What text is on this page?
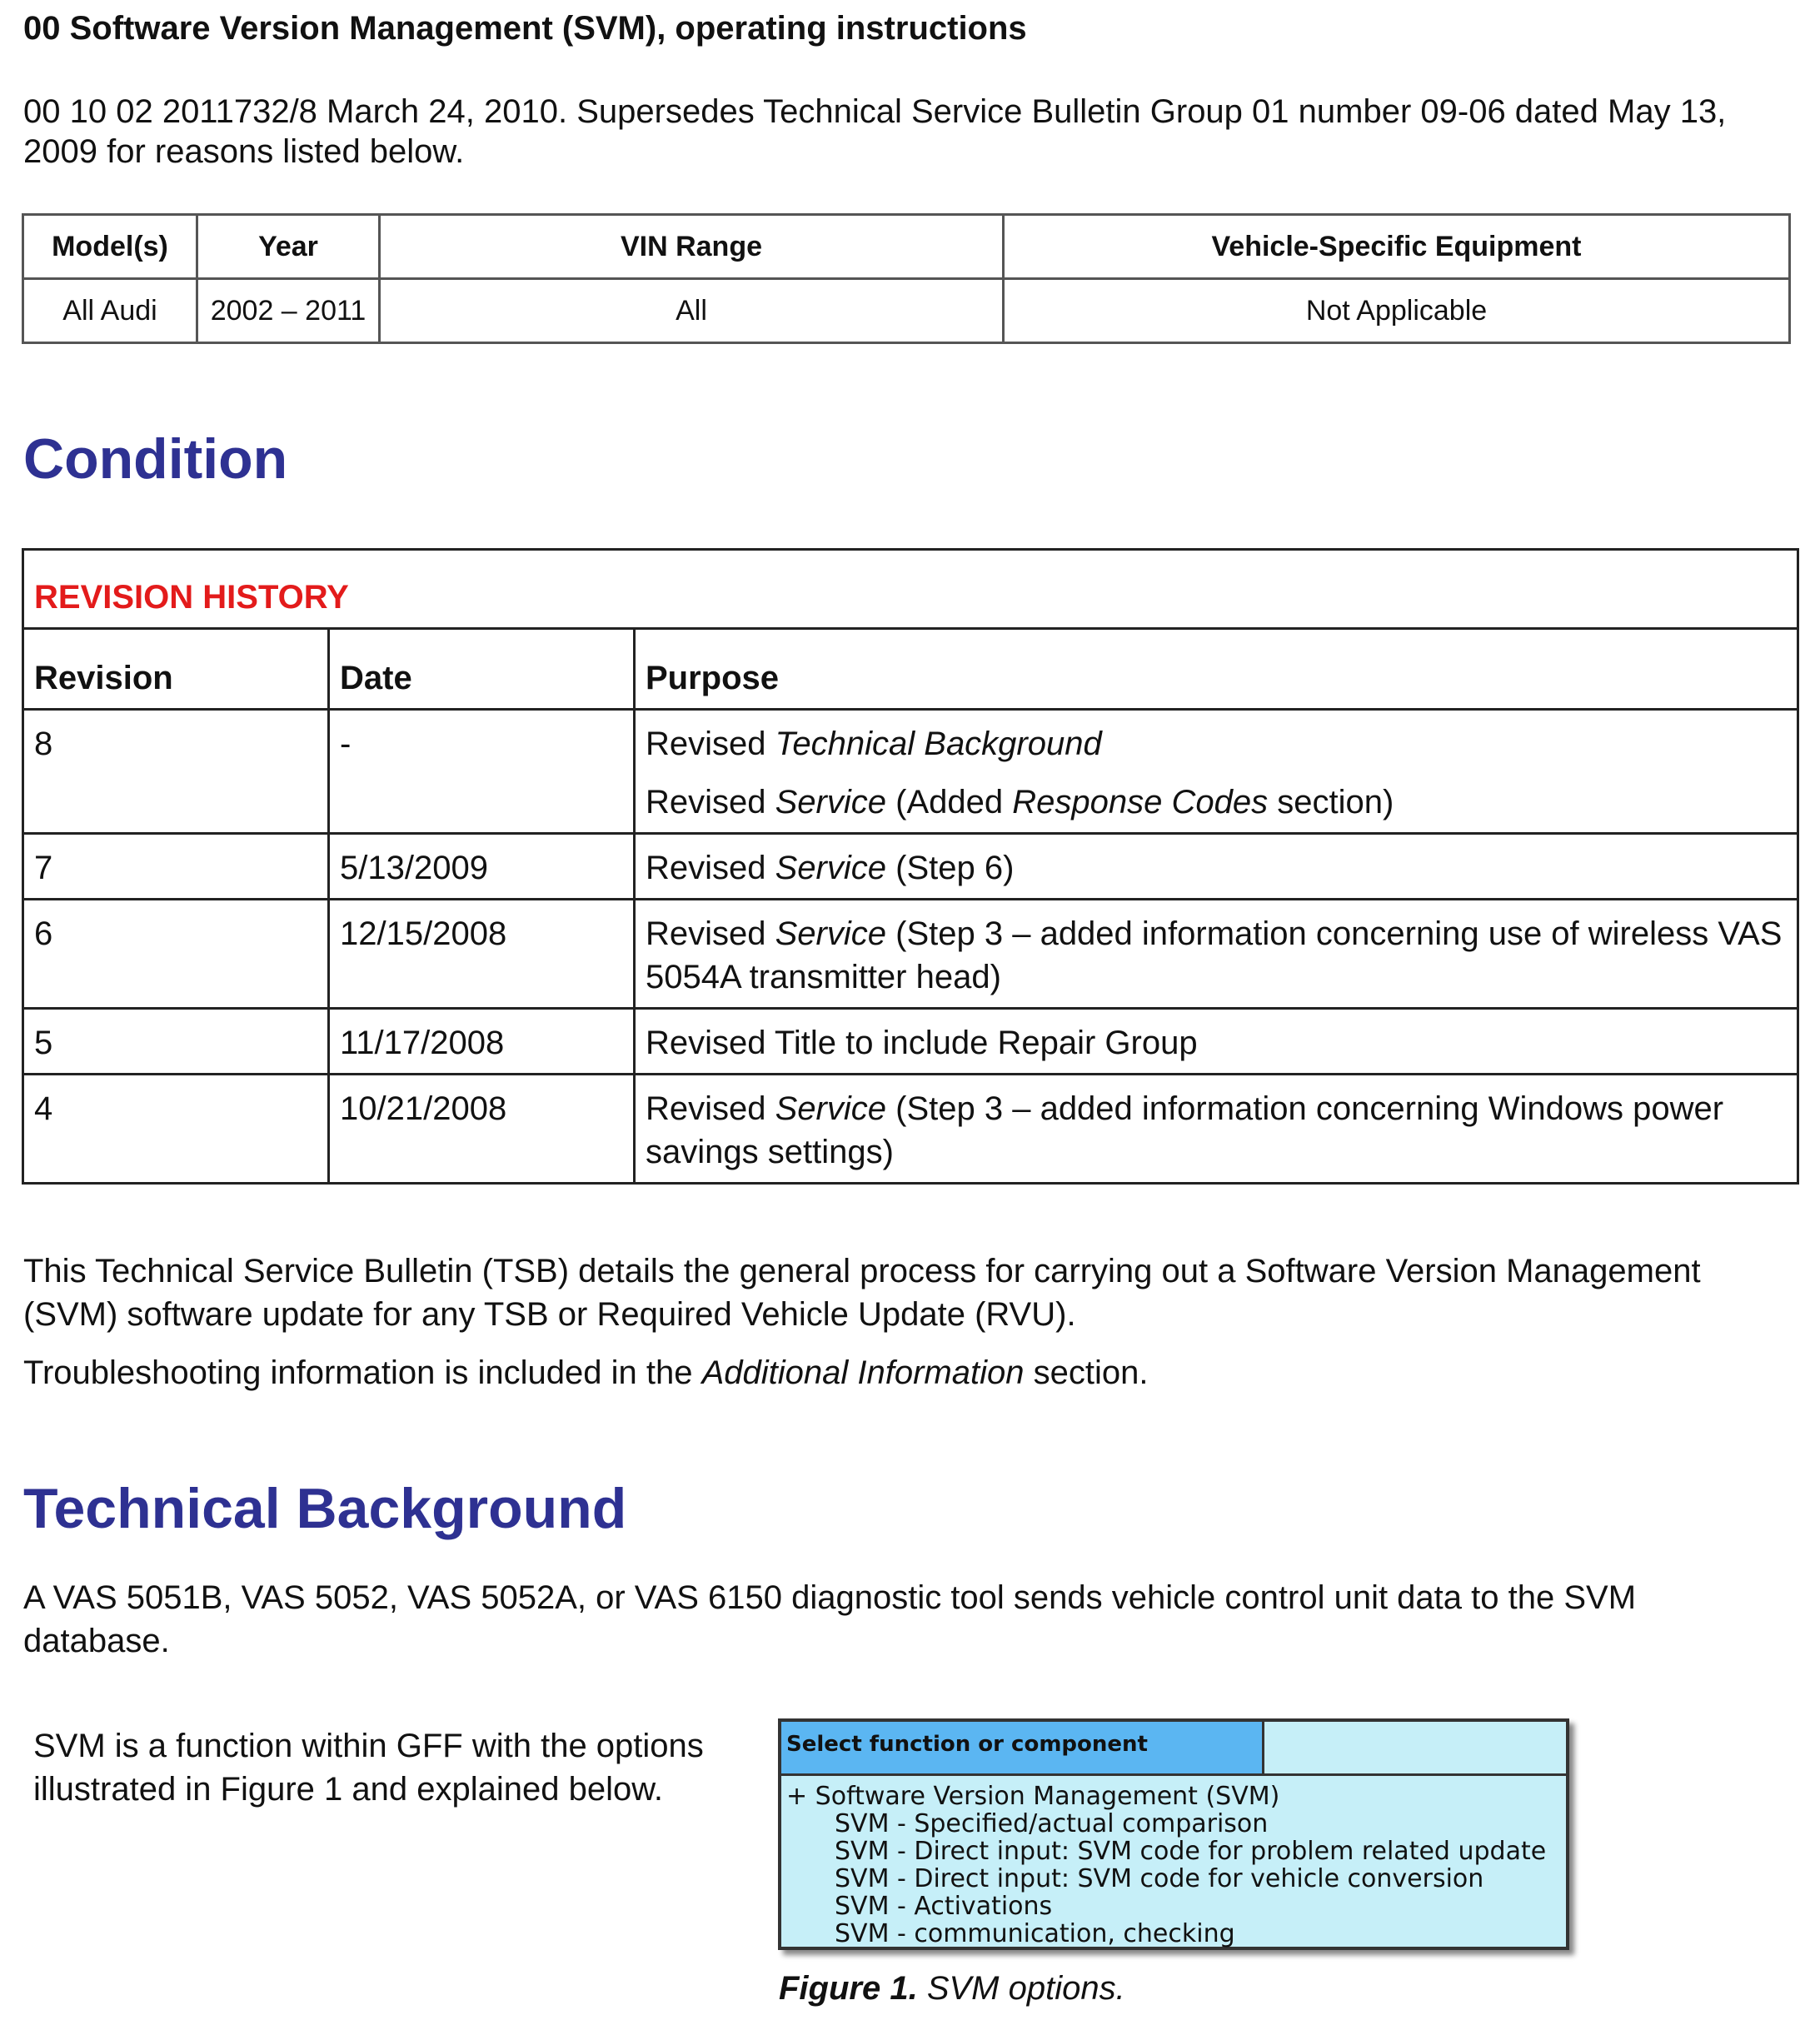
00 Software Version Management (SVM), operating instructions
00 10 02 2011732/8 March 24, 2010. Supersedes Technical Service Bulletin Group 01 number 09-06 dated May 13, 2009 for reasons listed below.
Model(s)	Year	VIN Range	Vehicle-Specific Equipment
All Audi	2002 – 2011	All	Not Applicable
Condition
REVISION HISTORY		
Revision	Date	Purpose
8	-	Revised Technical Background
Revised Service (Added Response Codes section)

7	5/13/2009	Revised Service (Step 6)
6	12/15/2008	Revised Service (Step 3 – added information concerning use of wireless VAS 5054A transmitter head)
5	11/17/2008	Revised Title to include Repair Group
4	10/21/2008	Revised Service (Step 3 – added information concerning Windows power savings settings)
This Technical Service Bulletin (TSB) details the general process for carrying out a Software Version Management (SVM) software update for any TSB or Required Vehicle Update (RVU).
Troubleshooting information is included in the Additional Information section.
Technical Background
A VAS 5051B, VAS 5052, VAS 5052A, or VAS 6150 diagnostic tool sends vehicle control unit data to the SVM database.
SVM is a function within GFF with the options illustrated in Figure 1 and explained below.
Select function or component
+ Software Version Management (SVM)
SVM - Specified/actual comparison
SVM - Direct input: SVM code for problem related update
SVM - Direct input: SVM code for vehicle conversion
SVM - Activations
SVM - communication, checking
Figure 1. SVM options.
